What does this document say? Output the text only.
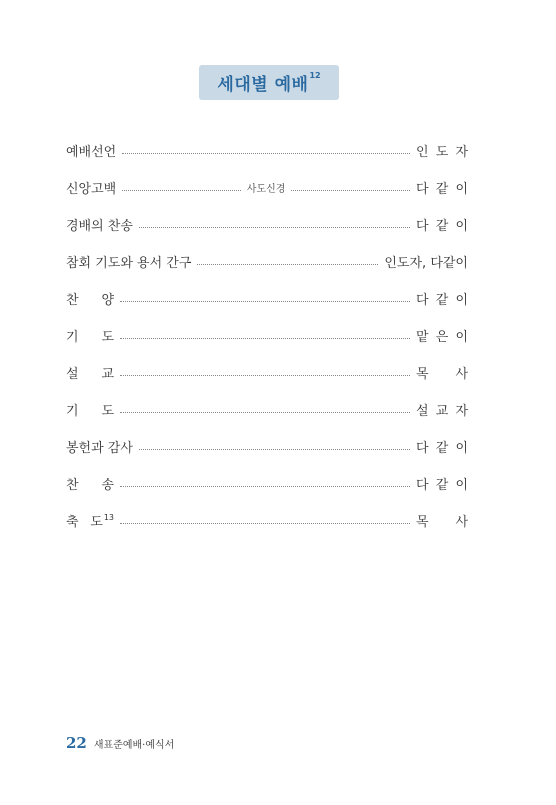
세대별 예배 12
예배선언	인 도 자
신앙고백	사도신경	다 같 이
경배의 찬송	다 같 이
참회 기도와 용서 간구	인도자, 다같이
찬 양	다 같 이
기 도	맡 은 이
설 교	목 사
기 도	설 교 자
봉헌과 감사	다 같 이
찬 송	다 같 이
축 도$^{13}$	목 사
22 새표준예배·예식서
